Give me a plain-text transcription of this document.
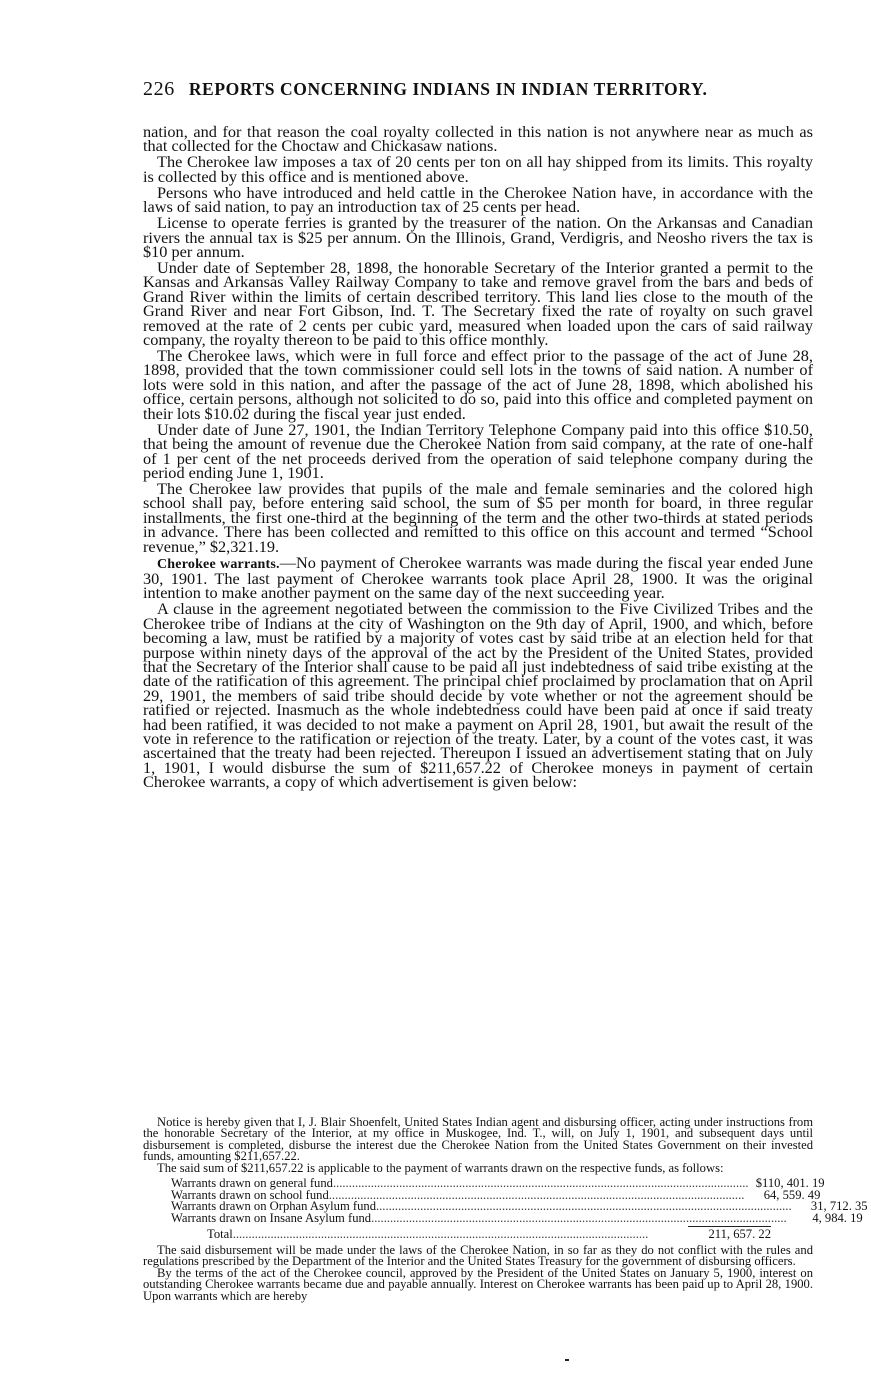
226 REPORTS CONCERNING INDIANS IN INDIAN TERRITORY.

nation, and for that reason the coal royalty collected in this nation is not anywhere near as much as that collected for the Choctaw and Chickasaw nations.

The Cherokee law imposes a tax of 20 cents per ton on all hay shipped from its limits. This royalty is collected by this office and is mentioned above.

Persons who have introduced and held cattle in the Cherokee Nation have, in accordance with the laws of said nation, to pay an introduction tax of 25 cents per head.

License to operate ferries is granted by the treasurer of the nation. On the Arkansas and Canadian rivers the annual tax is $25 per annum. On the Illinois, Grand, Verdigris, and Neosho rivers the tax is $10 per annum.

Under date of September 28, 1898, the honorable Secretary of the Interior granted a permit to the Kansas and Arkansas Valley Railway Company to take and remove gravel from the bars and beds of Grand River within the limits of certain described territory. This land lies close to the mouth of the Grand River and near Fort Gibson, Ind. T. The Secretary fixed the rate of royalty on such gravel removed at the rate of 2 cents per cubic yard, measured when loaded upon the cars of said railway company, the royalty thereon to be paid to this office monthly.

The Cherokee laws, which were in full force and effect prior to the passage of the act of June 28, 1898, provided that the town commissioner could sell lots in the towns of said nation. A number of lots were sold in this nation, and after the passage of the act of June 28, 1898, which abolished his office, certain persons, although not solicited to do so, paid into this office and completed payment on their lots $10.02 during the fiscal year just ended.

Under date of June 27, 1901, the Indian Territory Telephone Company paid into this office $10.50, that being the amount of revenue due the Cherokee Nation from said company, at the rate of one-half of 1 per cent of the net proceeds derived from the operation of said telephone company during the period ending June 1, 1901.

The Cherokee law provides that pupils of the male and female seminaries and the colored high school shall pay, before entering said school, the sum of $5 per month for board, in three regular installments, the first one-third at the beginning of the term and the other two-thirds at stated periods in advance. There has been collected and remitted to this office on this account and termed “School revenue,” $2,321.19.

Cherokee warrants.—No payment of Cherokee warrants was made during the fiscal year ended June 30, 1901. The last payment of Cherokee warrants took place April 28, 1900. It was the original intention to make another payment on the same day of the next succeeding year.

A clause in the agreement negotiated between the commission to the Five Civilized Tribes and the Cherokee tribe of Indians at the city of Washington on the 9th day of April, 1900, and which, before becoming a law, must be ratified by a majority of votes cast by said tribe at an election held for that purpose within ninety days of the approval of the act by the President of the United States, provided that the Secretary of the Interior shall cause to be paid all just indebtedness of said tribe existing at the date of the ratification of this agreement. The principal chief proclaimed by proclamation that on April 29, 1901, the members of said tribe should decide by vote whether or not the agreement should be ratified or rejected. Inasmuch as the whole indebtedness could have been paid at once if said treaty had been ratified, it was decided to not make a payment on April 28, 1901, but await the result of the vote in reference to the ratification or rejection of the treaty. Later, by a count of the votes cast, it was ascertained that the treaty had been rejected. Thereupon I issued an advertisement stating that on July 1, 1901, I would disburse the sum of $211,657.22 of Cherokee moneys in payment of certain Cherokee warrants, a copy of which advertisement is given below:

Notice is hereby given that I, J. Blair Shoenfelt, United States Indian agent and disbursing officer, acting under instructions from the honorable Secretary of the Interior, at my office in Muskogee, Ind. T., will, on July 1, 1901, and subsequent days until disbursement is completed, disburse the interest due the Cherokee Nation from the United States Government on their invested funds, amounting $211,657.22.

The said sum of $211,657.22 is applicable to the payment of warrants drawn on the respective funds, as follows:

Warrants drawn on general fund .................................................................................................................................... $110, 401. 19
Warrants drawn on school fund ....................................................................................................................................	64, 559. 49
Warrants drawn on Orphan Asylum fund ....................................................................................................................................	31, 712. 35
Warrants drawn on Insane Asylum fund ....................................................................................................................................	4, 984. 19
Total ....................................................................................................................................	211, 657. 22

The said disbursement will be made under the laws of the Cherokee Nation, in so far as they do not conflict with the rules and regulations prescribed by the Department of the Interior and the United States Treasury for the government of disbursing officers.

By the terms of the act of the Cherokee council, approved by the President of the United States on January 5, 1900, interest on outstanding Cherokee warrants became due and payable annually. Interest on Cherokee warrants has been paid up to April 28, 1900. Upon warrants which are hereby
